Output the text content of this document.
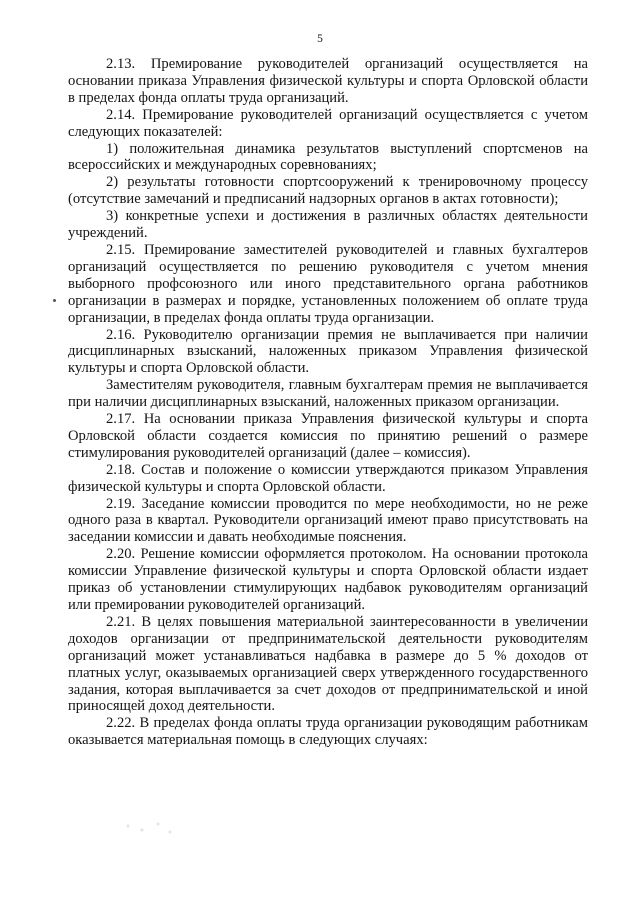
5

2.13. Премирование руководителей организаций осуществляется на основании приказа Управления физической культуры и спорта Орловской области в пределах фонда оплаты труда организаций.

2.14. Премирование руководителей организаций осуществляется с учетом следующих показателей:

1) положительная динамика результатов выступлений спортсменов на всероссийских и международных соревнованиях;

2) результаты готовности спортсооружений к тренировочному процессу (отсутствие замечаний и предписаний надзорных органов в актах готовности);

3) конкретные успехи и достижения в различных областях деятельности учреждений.

2.15. Премирование заместителей руководителей и главных бухгалтеров организаций осуществляется по решению руководителя с учетом мнения выборного профсоюзного или иного представительного органа работников организации в размерах и порядке, установленных положением об оплате труда организации, в пределах фонда оплаты труда организации.

2.16. Руководителю организации премия не выплачивается при наличии дисциплинарных взысканий, наложенных приказом Управления физической культуры и спорта Орловской области.

Заместителям руководителя, главным бухгалтерам премия не выплачивается при наличии дисциплинарных взысканий, наложенных приказом организации.

2.17. На основании приказа Управления физической культуры и спорта Орловской области создается комиссия по принятию решений о размере стимулирования руководителей организаций (далее – комиссия).

2.18. Состав и положение о комиссии утверждаются приказом Управления физической культуры и спорта Орловской области.

2.19. Заседание комиссии проводится по мере необходимости, но не реже одного раза в квартал. Руководители организаций имеют право присутствовать на заседании комиссии и давать необходимые пояснения.

2.20. Решение комиссии оформляется протоколом. На основании протокола комиссии Управление физической культуры и спорта Орловской области издает приказ об установлении стимулирующих надбавок руководителям организаций или премировании руководителей организаций.

2.21. В целях повышения материальной заинтересованности в увеличении доходов организации от предпринимательской деятельности руководителям организаций может устанавливаться надбавка в размере до 5 % доходов от платных услуг, оказываемых организацией сверх утвержденного государственного задания, которая выплачивается за счет доходов от предпринимательской и иной приносящей доход деятельности.

2.22. В пределах фонда оплаты труда организации руководящим работникам оказывается материальная помощь в следующих случаях:
